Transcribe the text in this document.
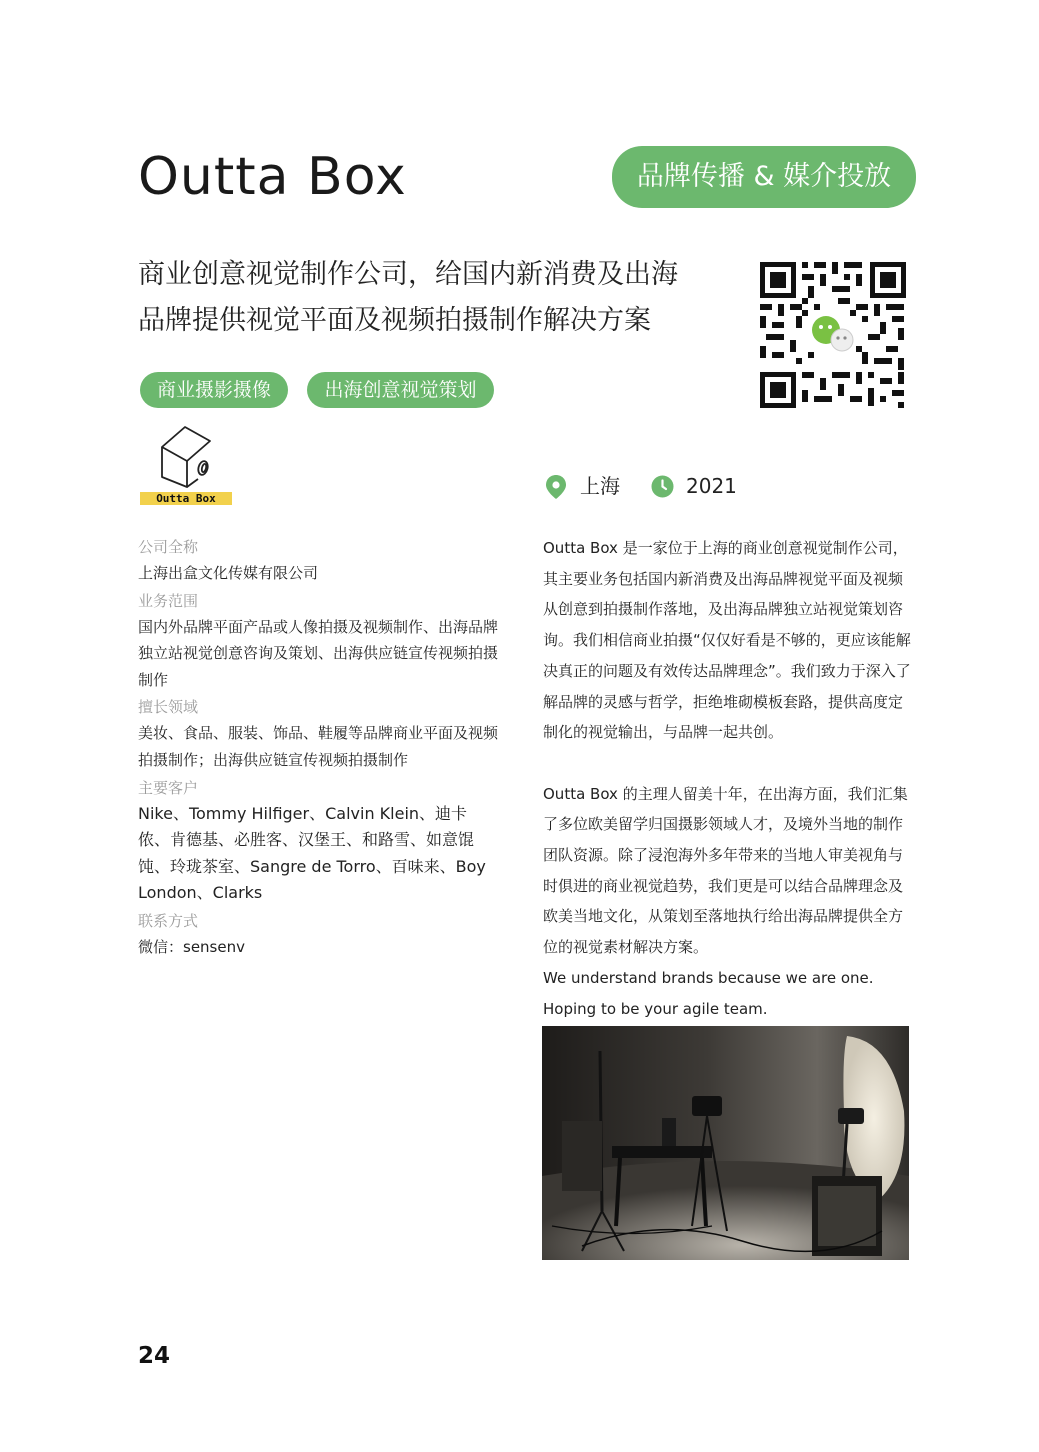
Outta Box	品牌传播 & 媒介投放
商业创意视觉制作公司，给国内新消费及出海
品牌提供视觉平面及视频拍摄制作解决方案
商业摄影摄像	出海创意视觉策划
Outta Box
上海	2021
公司全称
上海出盒文化传媒有限公司
业务范围
国内外品牌平面产品或人像拍摄及视频制作、出海品牌独立站视觉创意咨询及策划、出海供应链宣传视频拍摄制作
擅长领域
美妆、食品、服装、饰品、鞋履等品牌商业平面及视频拍摄制作；出海供应链宣传视频拍摄制作
主要客户
Nike、Tommy Hilfiger、Calvin Klein、迪卡侬、肯德基、必胜客、汉堡王、和路雪、如意馄饨、玲珑茶室、Sangre de Torro、百味来、Boy London、Clarks
联系方式
微信：sensenv

Outta Box 是一家位于上海的商业创意视觉制作公司，其主要业务包括国内新消费及出海品牌视觉平面及视频从创意到拍摄制作落地，及出海品牌独立站视觉策划咨询。我们相信商业拍摄“仅仅好看是不够的，更应该能解决真正的问题及有效传达品牌理念”。我们致力于深入了解品牌的灵感与哲学，拒绝堆砌模板套路，提供高度定制化的视觉输出，与品牌一起共创。

Outta Box 的主理人留美十年，在出海方面，我们汇集了多位欧美留学归国摄影领域人才，及境外当地的制作团队资源。除了浸泡海外多年带来的当地人审美视角与时俱进的商业视觉趋势，我们更是可以结合品牌理念及欧美当地文化，从策划至落地执行给出海品牌提供全方位的视觉素材解决方案。

We understand brands because we are one.

Hoping to be your agile team.

24
